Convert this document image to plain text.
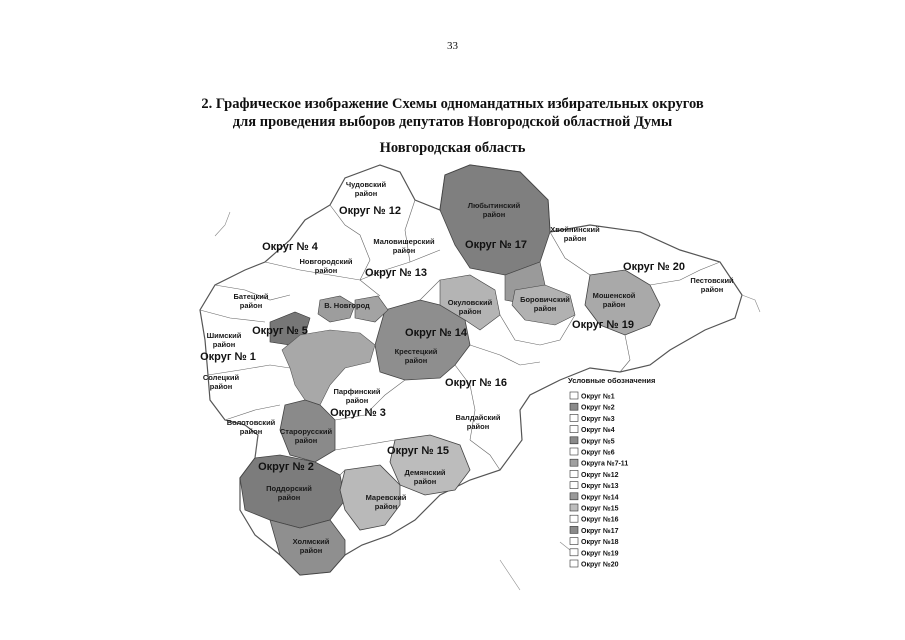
33
2. Графическое изображение Схемы одномандатных избирательных округов
для проведения выборов депутатов Новгородской областной Думы
Новгородская область
Округ № 12
Округ № 4	Округ № 17
Округ № 13	Округ № 20
Округ № 5	Округ № 14
Округ № 19
Округ № 1
Округ № 16
Округ № 3
Округ № 15
Округ № 2
Чудовский
район
Любытинский
район
Хвойнинский
район
Маловишерский
район
Новгородский
район
Пестовский
район
Батецкий
район
Боровичский
район
Мошенской
район
В. Новгород	Окуловский
район
Шимский
район
Крестецкий
район
Солецкий
район
Парфинский
район
Валдайский
район
Волотовский
район Старорусский
район
Демянский
район
Поддорский
район	Маревский
район
Холмский
район
Условные обозначения
Округ №1
Округ №2
Округ №3
Округ №4
Округ №5
Округ №6
Округа №7-11
Округ №12
Округ №13
Округ №14
Округ №15
Округ №16
Округ №17
Округ №18
Округ №19
Округ №20
